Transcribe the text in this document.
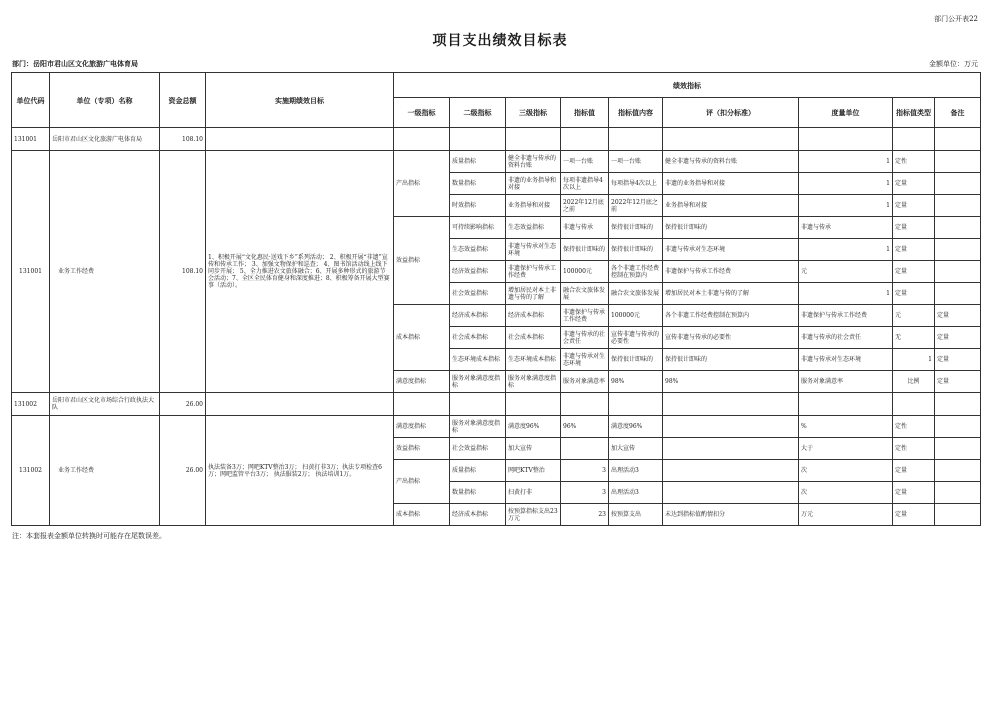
部门公开表22
项目支出绩效目标表
部门：岳阳市君山区文化旅游广电体育局	金额单位：万元
单位代码	单位（专项）名称	资金总额	实施期绩效目标	绩效指标								
				一级指标	二级指标	三级指标	指标值	指标值内容	评（扣分标准）	度量单位	指标值类型	备注
131001	岳阳市君山区文化旅游广电体育局	108.10										
131001	业务工作经费	108.10	1、积极开展“文化惠民·送戏下乡”系列活动； 2、积极开展“非遗”宣传和传承工作； 3、加强文物保护和巡查； 4、图书馆活动线上线下同步开展； 5、全力推进农文旅体融合；6、开展多种形式的旅游节会活动；7、全区全民体育健身和深度推进；8、积极筹备开展大型赛事（活动）。	产出指标	质量指标	健全非遗与传承的资料台账	一项一台账	一项一台账	健全非遗与传承的资料台账	1	定性	
					数量指标	非遗的业务指导和对接	每项非遗指导4次以上	每项指导4次以上	非遗的业务指导和对接	1	定量	
					时效指标	业务指导和对接	2022年12月底之前	2022年12月底之前	业务指导和对接	1	定量	
				效益指标	可持续影响指标	生态效益指标	非遗与传承	保持很计即味的	保持很计即味的	非遗与传承	定量	
					生态效益指标	非遗与传承对生态环境	保持很计即味的	保持很计即味的	非遗与传承对生态环境	1	定量	
					经济效益指标	非遗保护与传承工作经费	100000元	各个非遗工作经费控制在预算内	非遗保护与传承工作经费	元	定量	
					社会效益指标	增加居民对本土非遗与传的了解	融合农文旅体发展	融合农文旅体发展	增加居民对本土非遗与传的了解	1	定量	
				成本指标	经济成本指标	经济成本指标	非遗保护与传承工作经费	100000元	各个非遗工作经费控制在预算内	非遗保护与传承工作经费	元	定量
					社会成本指标	社会成本指标	非遗与传承的社会责任	宣传非遗与传承的必要性	宣传非遗与传承的必要性	非遗与传承的社会责任	无	定量
					生态环境成本指标	生态环境成本指标	非遗与传承对生态环境	保持很计即味的	保持很计即味的	非遗与传承对生态环境	1	定量
				满意度指标	服务对象满意度指标	服务对象满意度指标	服务对象满意率	98%	98%	服务对象满意率	比例	定量
131002	岳阳市君山区文化市场综合行政执法大队	26.00										
131002	业务工作经费	26.00	执法装备3万；网吧KTV整治3万； 扫黄打非3万；执法专项检查6万；网吧监管平台3万； 执法服装2万； 执法培训1万。	满意度指标	服务对象满意度指标	满意度96%	96%	满意度96%		%	定性	
				效益指标	社会效益指标	加大宣传		加大宣传		大于	定性	
				产出指标	质量指标	网吧KTV整治	3	出理活动3		次	定量	
					数量指标	扫黄打非	3	出理活动3		次	定量	
				成本指标	经济成本指标	按预算指标支出23万元	23	按预算支出	未达到指标值酌情扣分	万元	定量	
注：本套报表金额单位转换时可能存在尾数误差。
